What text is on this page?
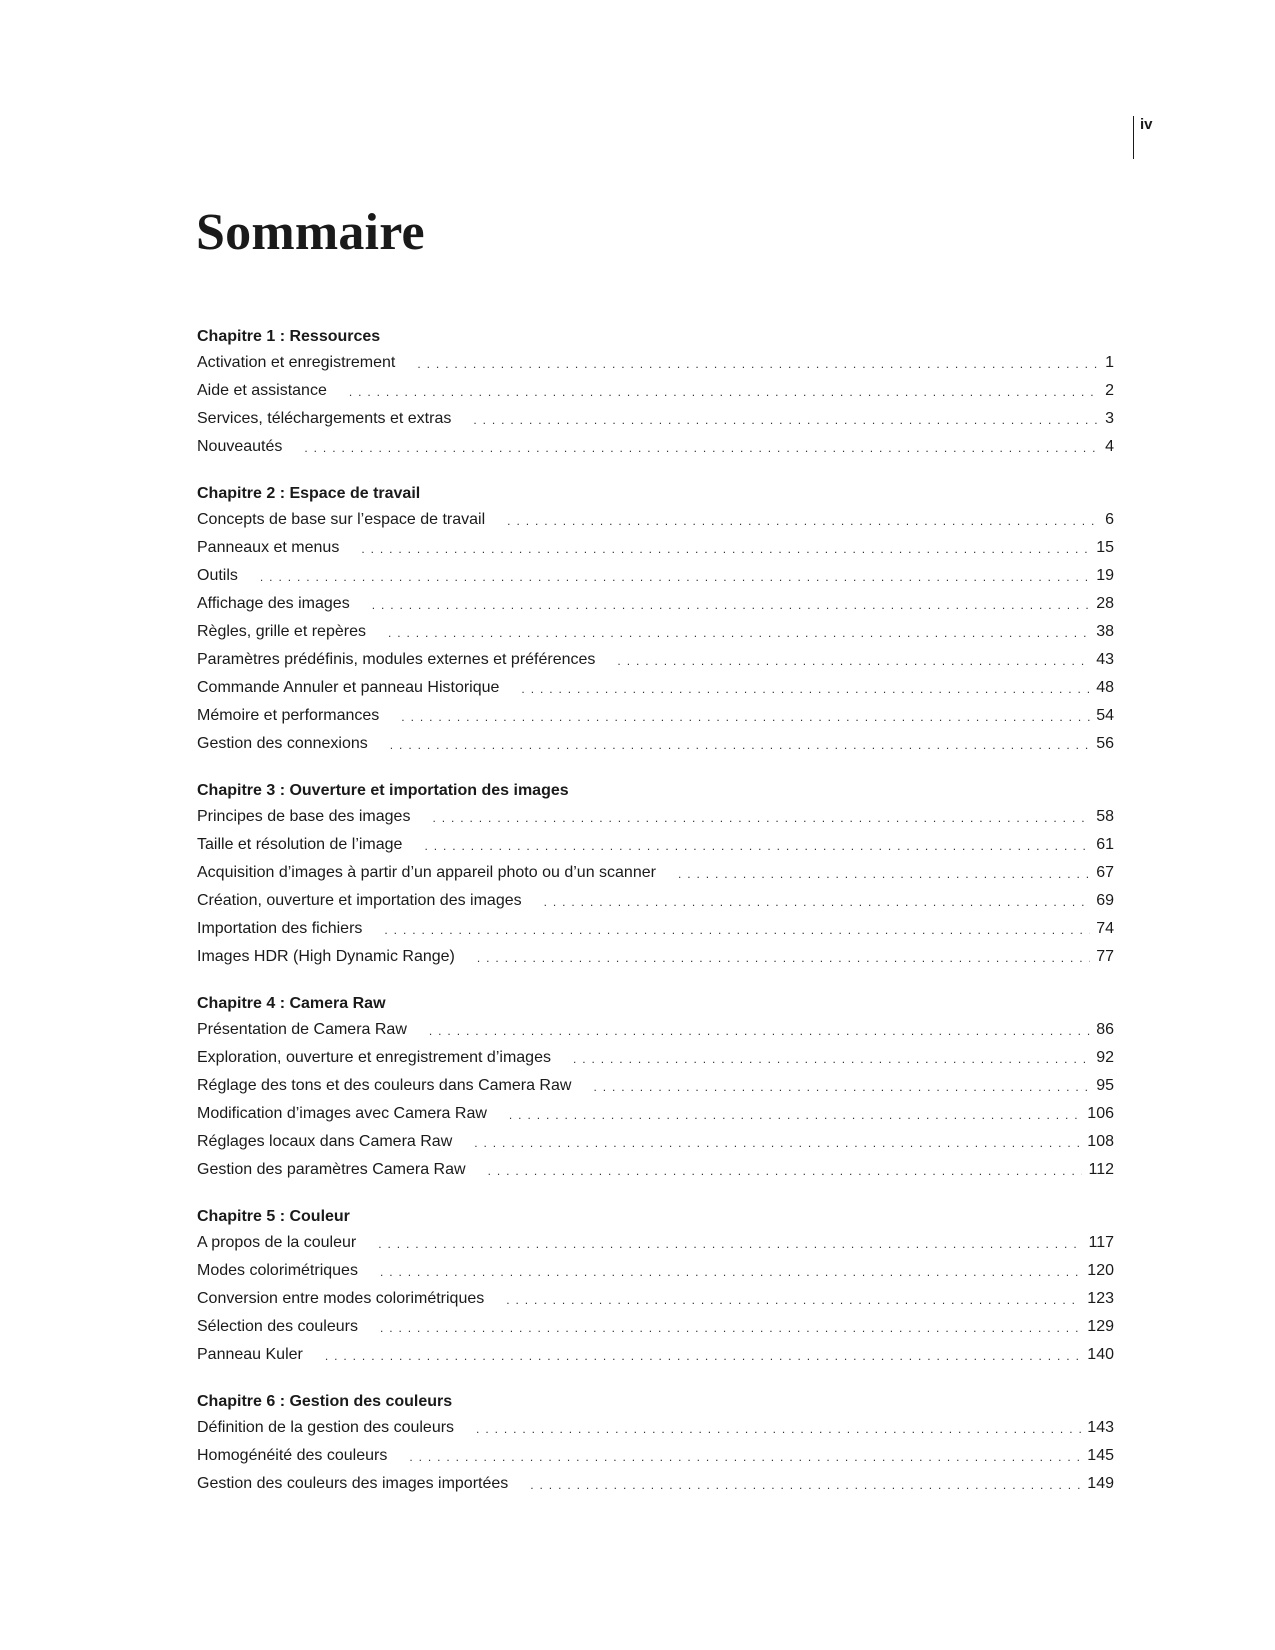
iv
Sommaire
Chapitre 1 : Ressources
Activation et enregistrement . . .	1
Aide et assistance . . .	2
Services, téléchargements et extras . . .	3
Nouveautés . . .	4
Chapitre 2 : Espace de travail
Concepts de base sur l’espace de travail . . .	6
Panneaux et menus . . .	15
Outils . . .	19
Affichage des images . . .	28
Règles, grille et repères . . .	38
Paramètres prédéfinis, modules externes et préférences . . .	43
Commande Annuler et panneau Historique . . .	48
Mémoire et performances . . .	54
Gestion des connexions . . .	56
Chapitre 3 : Ouverture et importation des images
Principes de base des images . . .	58
Taille et résolution de l’image . . .	61
Acquisition d’images à partir d’un appareil photo ou d’un scanner . . .	67
Création, ouverture et importation des images . . .	69
Importation des fichiers . . .	74
Images HDR (High Dynamic Range) . . .	77
Chapitre 4 : Camera Raw
Présentation de Camera Raw . . .	86
Exploration, ouverture et enregistrement d’images . . .	92
Réglage des tons et des couleurs dans Camera Raw . . .	95
Modification d’images avec Camera Raw . . .	106
Réglages locaux dans Camera Raw . . .	108
Gestion des paramètres Camera Raw . . .	112
Chapitre 5 : Couleur
A propos de la couleur . . .	117
Modes colorimétriques . . .	120
Conversion entre modes colorimétriques . . .	123
Sélection des couleurs . . .	129
Panneau Kuler . . .	140
Chapitre 6 : Gestion des couleurs
Définition de la gestion des couleurs . . .	143
Homogénéité des couleurs . . .	145
Gestion des couleurs des images importées . . .	149
